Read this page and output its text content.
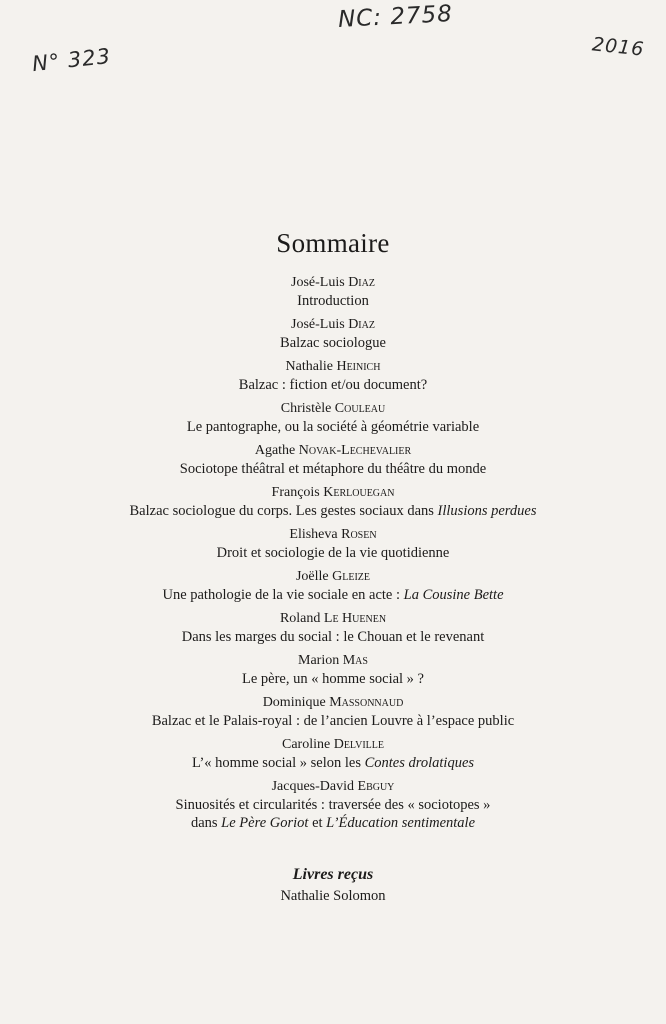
NC: 2758
N° 323	2016
Sommaire
José-Luis Diaz
Introduction
José-Luis Diaz
Balzac sociologue
Nathalie Heinich
Balzac : fiction et/ou document?
Christèle Couleau
Le pantographe, ou la société à géométrie variable
Agathe Novak-Lechevalier
Sociotope théâtral et métaphore du théâtre du monde
François Kerlouegan
Balzac sociologue du corps. Les gestes sociaux dans Illusions perdues
Elisheva Rosen
Droit et sociologie de la vie quotidienne
Joëlle Gleize
Une pathologie de la vie sociale en acte : La Cousine Bette
Roland Le Huenen
Dans les marges du social : le Chouan et le revenant
Marion Mas
Le père, un « homme social » ?
Dominique Massonnaud
Balzac et le Palais-royal : de l’ancien Louvre à l’espace public
Caroline Delville
L’« homme social » selon les Contes drolatiques
Jacques-David Ebguy
Sinuosités et circularités : traversée des « sociotopes »
dans Le Père Goriot et L’Éducation sentimentale
Livres reçus
Nathalie Solomon
